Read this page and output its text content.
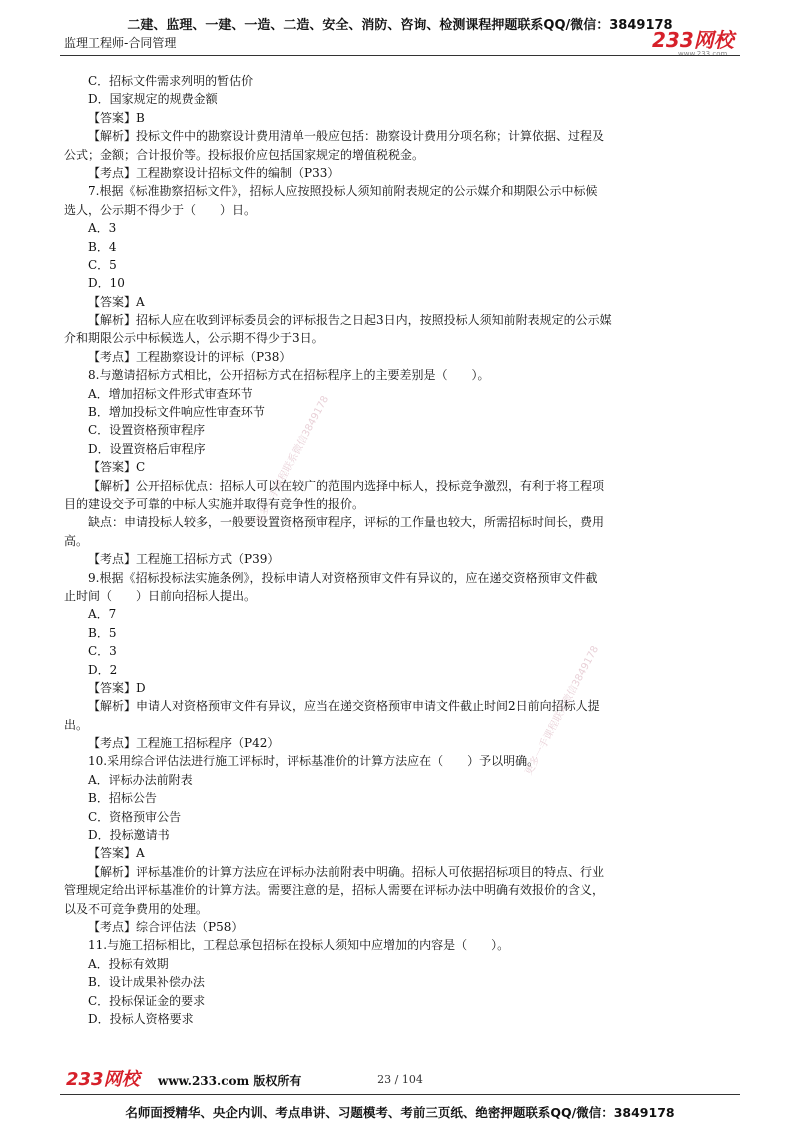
二建、监理、一建、一造、二造、安全、消防、咨询、检测课程押题联系QQ/微信：3849178
监理工程师-合同管理	233网校
www.233.com
C．招标文件需求列明的暂估价
D．国家规定的规费金额
【答案】B
【解析】投标文件中的勘察设计费用清单一般应包括：勘察设计费用分项名称；计算依据、过程及
公式；金额；合计报价等。投标报价应包括国家规定的增值税税金。
【考点】工程勘察设计招标文件的编制（P33）
7.根据《标准勘察招标文件》，招标人应按照投标人须知前附表规定的公示媒介和期限公示中标候
选人，公示期不得少于（　　）日。
A．3
B．4
C．5
D．10
【答案】A
【解析】招标人应在收到评标委员会的评标报告之日起3日内，按照投标人须知前附表规定的公示媒
介和期限公示中标候选人，公示期不得少于3日。
【考点】工程勘察设计的评标（P38）
8.与邀请招标方式相比，公开招标方式在招标程序上的主要差别是（　　）。
A．增加招标文件形式审查环节
B．增加投标文件响应性审查环节
C．设置资格预审程序
D．设置资格后审程序
【答案】C
【解析】公开招标优点：招标人可以在较广的范围内选择中标人，投标竞争激烈，有利于将工程项
目的建设交予可靠的中标人实施并取得有竞争性的报价。
缺点：申请投标人较多，一般要设置资格预审程序，评标的工作量也较大，所需招标时间长，费用
高。
【考点】工程施工招标方式（P39）
9.根据《招标投标法实施条例》，投标申请人对资格预审文件有异议的，应在递交资格预审文件截
止时间（　　）日前向招标人提出。
A．7
B．5
C．3
D．2
【答案】D
【解析】申请人对资格预审文件有异议，应当在递交资格预审申请文件截止时间2日前向招标人提
出。
【考点】工程施工招标程序（P42）
10.采用综合评估法进行施工评标时，评标基准价的计算方法应在（　　）予以明确。
A．评标办法前附表
B．招标公告
C．资格预审公告
D．投标邀请书
【答案】A
【解析】评标基准价的计算方法应在评标办法前附表中明确。招标人可依据招标项目的特点、行业
管理规定给出评标基准价的计算方法。需要注意的是，招标人需要在评标办法中明确有效报价的含义，
以及不可竞争费用的处理。
【考点】综合评估法（P58）
11.与施工招标相比，工程总承包招标在投标人须知中应增加的内容是（　　）。
A．投标有效期
B．设计成果补偿办法
C．投标保证金的要求
D．投标人资格要求
更多一手课程联系微信3849178
更多一手课程联系微信3849178
233网校 www.233.com 版权所有	23 / 104
名师面授精华、央企内训、考点串讲、习题模考、考前三页纸、绝密押题联系QQ/微信：3849178
